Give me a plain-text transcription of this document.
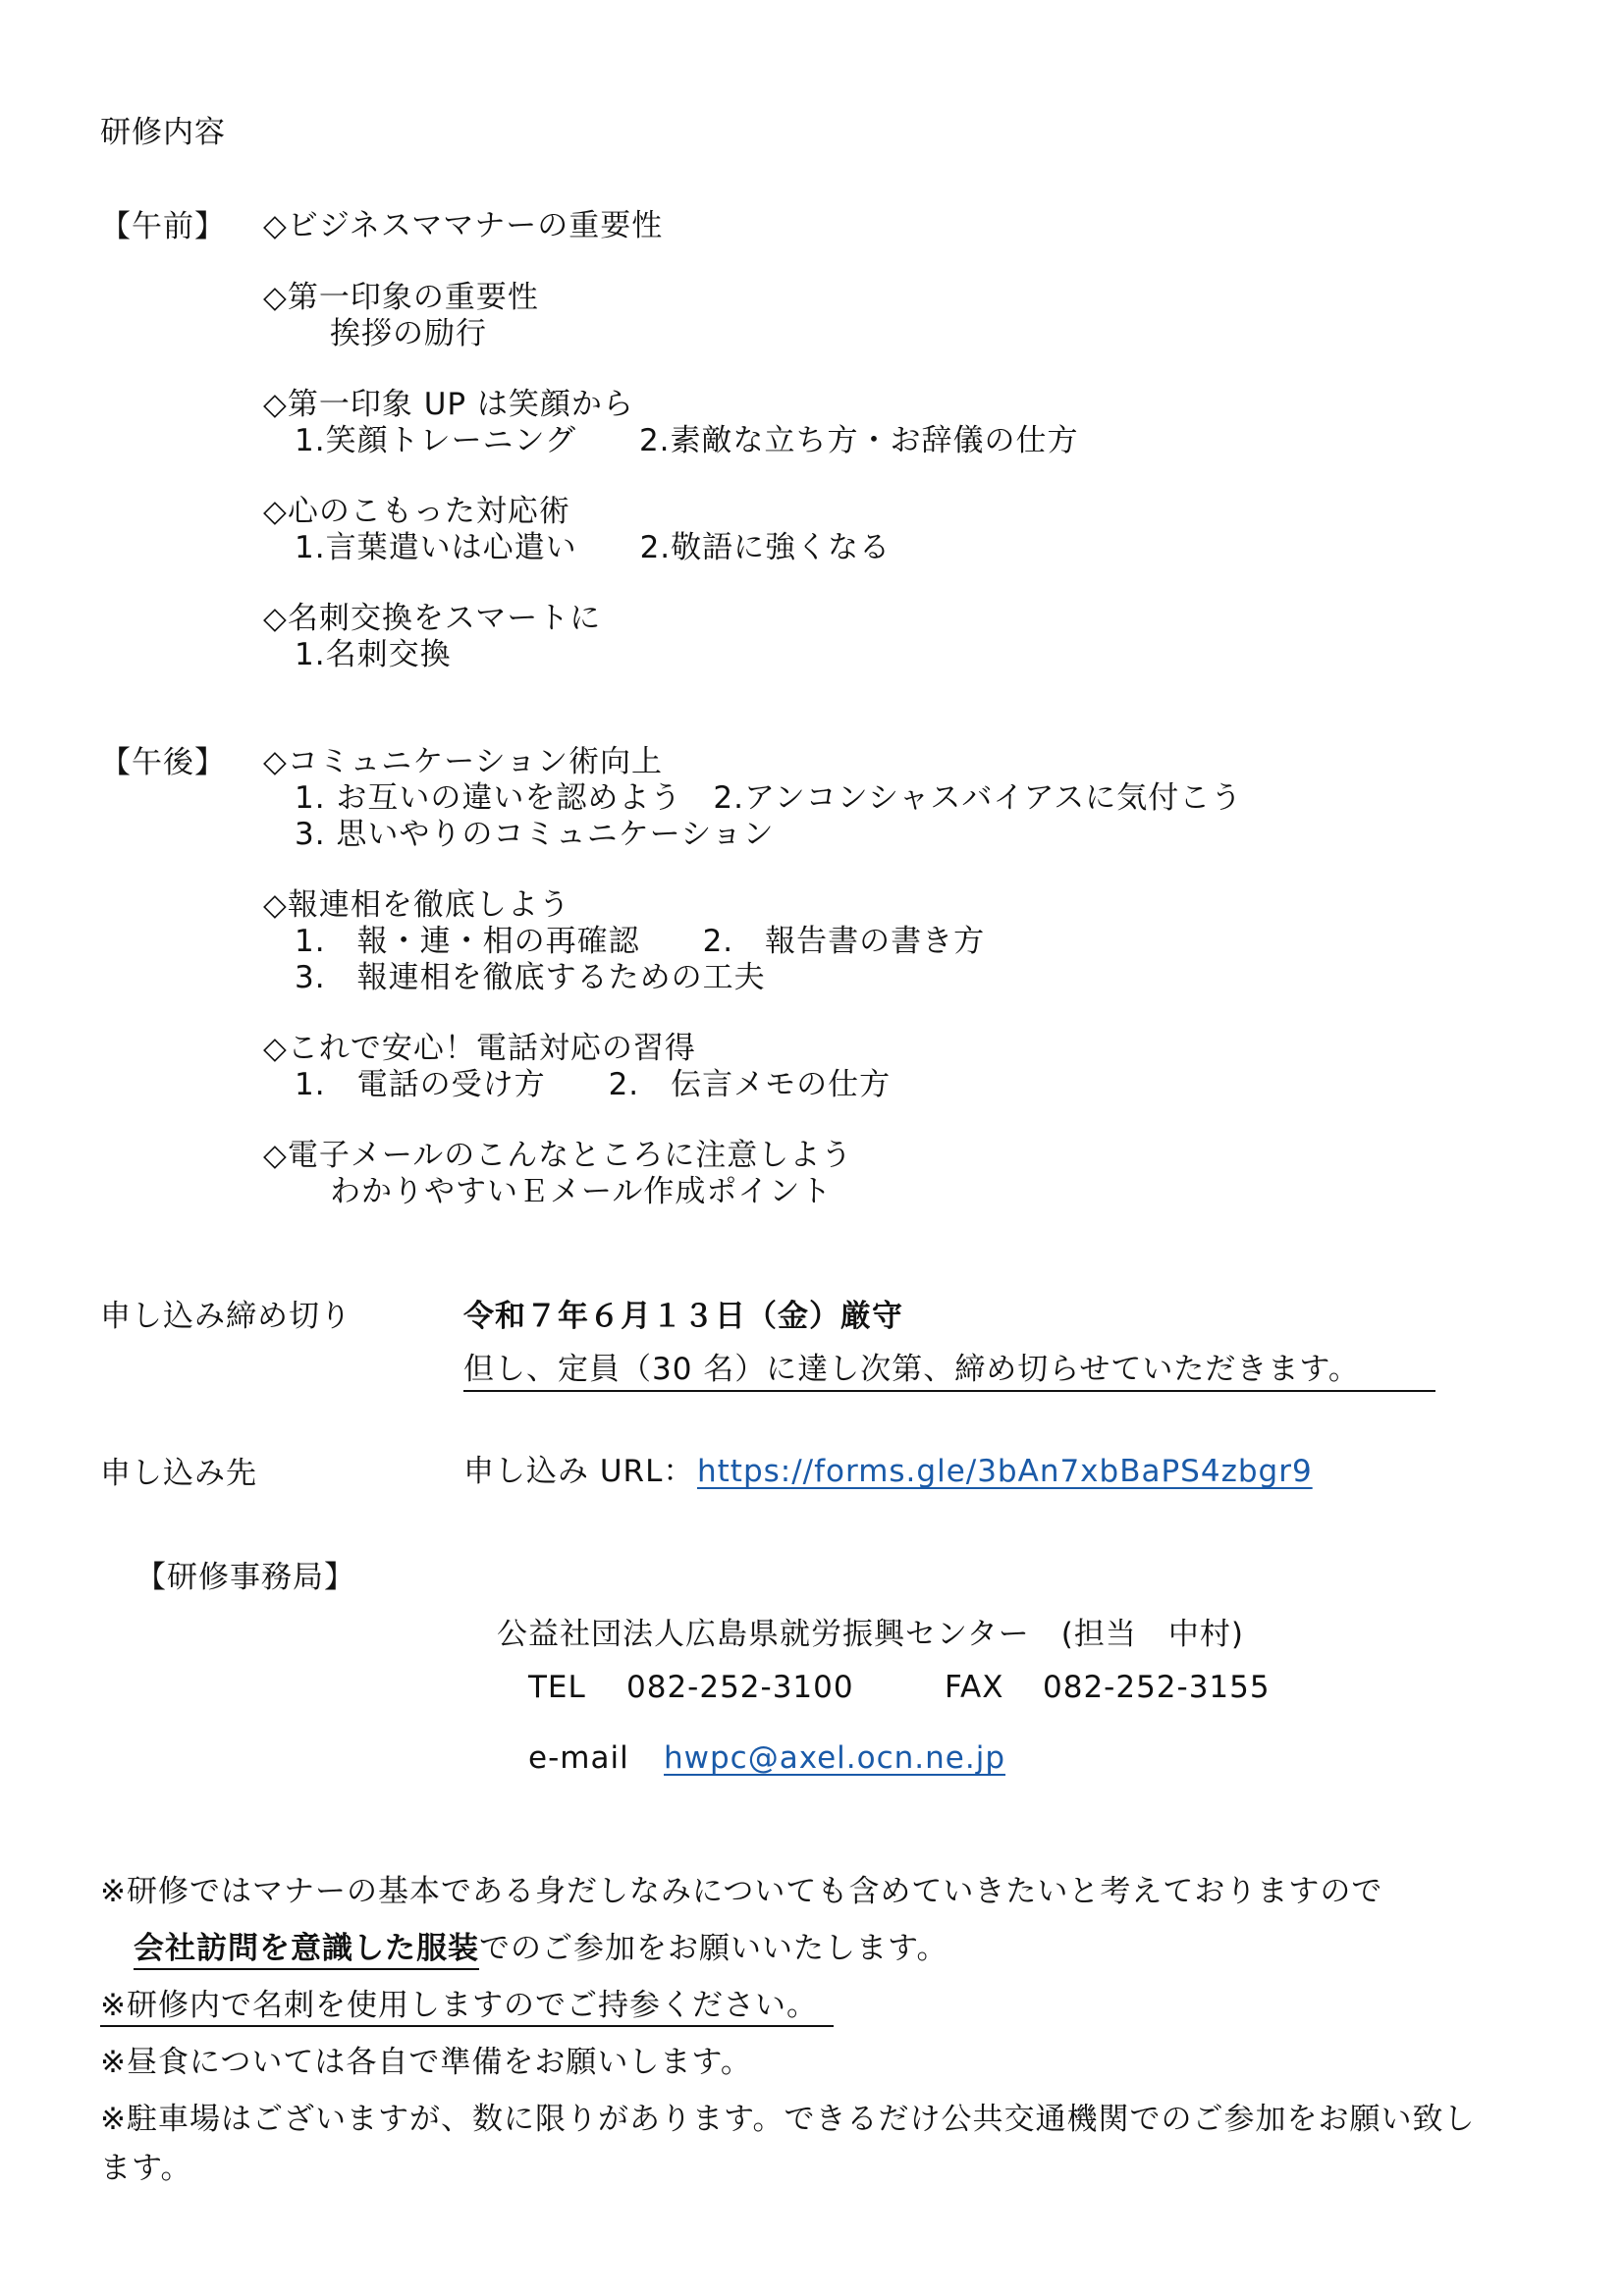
研修内容
【午前】 ◇ビジネスママナーの重要性
◇第一印象の重要性
挨拶の励行
◇第一印象 UP は笑顔から
1.笑顔トレーニング　　2.素敵な立ち方・お辞儀の仕方
◇心のこもった対応術
1.言葉遣いは心遣い　　2.敬語に強くなる
◇名刺交換をスマートに
1.名刺交換
【午後】 ◇コミュニケーション術向上
1. お互いの違いを認めよう　2.アンコンシャスバイアスに気付こう
3. 思いやりのコミュニケーション
◇報連相を徹底しよう
1.　報・連・相の再確認　　2.　報告書の書き方
3.　報連相を徹底するための工夫
◇これで安心！電話対応の習得
1.　電話の受け方　　2.　伝言メモの仕方
◇電子メールのこんなところに注意しよう
わかりやすいＥメール作成ポイント
申し込み締め切り	令和７年６月１３日（金）厳守
但し、定員（30 名）に達し次第、締め切らせていただきます。
申し込み先	申し込み URL： https://forms.gle/3bAn7xbBaPS4zbgr9
【研修事務局】
公益社団法人広島県就労振興センター　(担当　中村)
TEL 082-252-3100	FAX 082-252-3155
e-mail hwpc@axel.ocn.ne.jp
※研修ではマナーの基本である身だしなみについても含めていきたいと考えておりますので
会社訪問を意識した服装でのご参加をお願いいたします。
※研修内で名刺を使用しますのでご持参ください。
※昼食については各自で準備をお願いします。
※駐車場はございますが、数に限りがあります。できるだけ公共交通機関でのご参加をお願い致し
ます。
